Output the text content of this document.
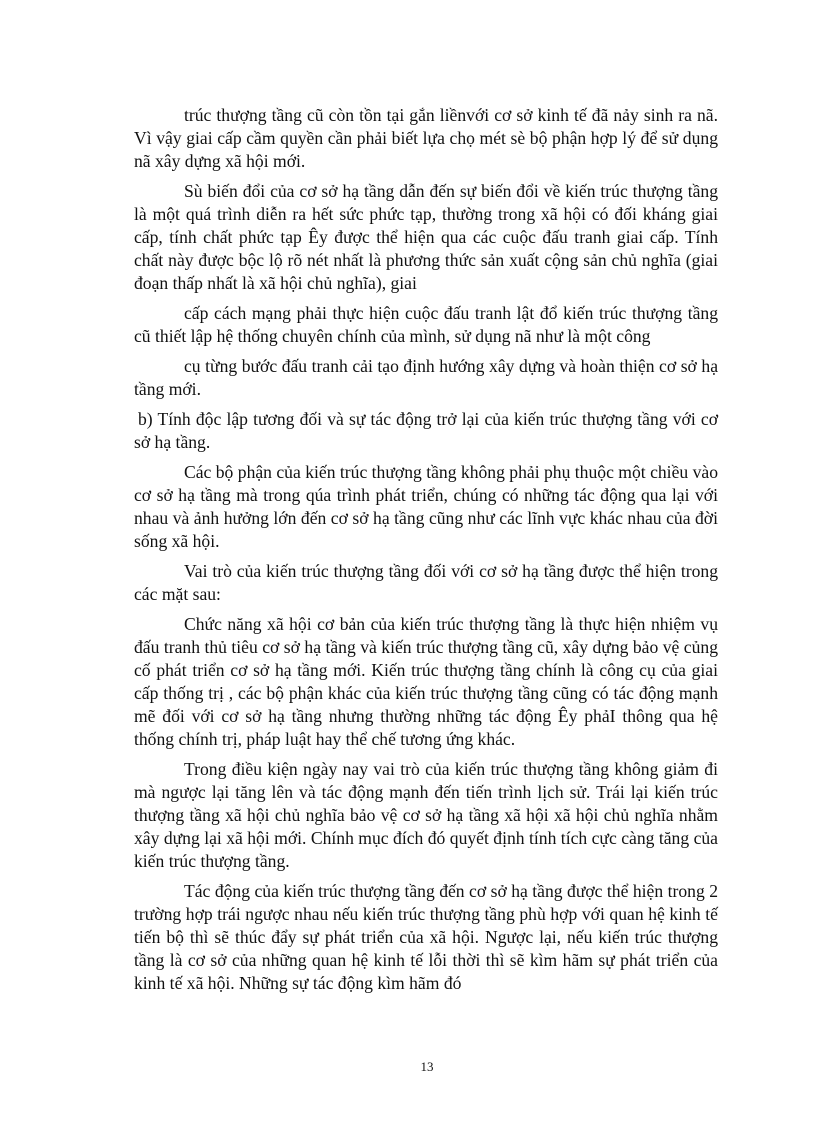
trúc thượng tầng cũ còn tồn tại gắn liềnvới cơ sở kinh tế đã nảy sinh ra nã. Vì vậy giai cấp cầm quyền cần phải biết lựa chọ mét sè bộ phận hợp lý để sử dụng nã xây dựng xã hội mới.

Sù biến đổi của cơ sở hạ tầng dẫn đến sự biến đổi về kiến trúc thượng tầng là một quá trình diễn ra hết sức phức tạp, thường trong xã hội có đối kháng giai cấp, tính chất phức tạp Êy được thể hiện qua các cuộc đấu tranh giai cấp. Tính chất này được bộc lộ rõ nét nhất là phương thức sản xuất cộng sản chủ nghĩa (giai đoạn thấp nhất là xã hội chủ nghĩa), giai

cấp cách mạng phải thực hiện cuộc đấu tranh lật đổ kiến trúc thượng tầng cũ thiết lập hệ thống chuyên chính của mình, sử dụng nã như là một công

cụ từng bước đấu tranh cải tạo định hướng xây dựng và hoàn thiện cơ sở hạ tầng mới.

b) Tính độc lập tương đối và sự tác động trở lại của kiến trúc thượng tầng với cơ sở hạ tầng.

Các bộ phận của kiến trúc thượng tầng không phải phụ thuộc một chiều vào cơ sở hạ tầng mà trong qúa trình phát triển, chúng có những tác động qua lại với nhau và ảnh hưởng lớn đến cơ sở hạ tầng cũng như các lĩnh vực khác nhau của đời sống xã hội.

Vai trò của kiến trúc thượng tầng đối với cơ sở hạ tầng được thể hiện trong các mặt sau:

Chức năng xã hội cơ bản của kiến trúc thượng tầng là thực hiện nhiệm vụ đấu tranh thủ tiêu cơ sở hạ tầng và kiến trúc thượng tầng cũ, xây dựng bảo vệ củng cố phát triển cơ sở hạ tầng mới. Kiến trúc thượng tầng chính là công cụ của giai cấp thống trị , các bộ phận khác của kiến trúc thượng tầng cũng có tác động mạnh mẽ đối với cơ sở hạ tầng nhưng thường những tác động Êy phảI thông qua hệ thống chính trị, pháp luật hay thể chế tương ứng khác.

Trong điều kiện ngày nay vai trò của kiến trúc thượng tầng không giảm đi mà ngược lại tăng lên và tác động mạnh đến tiến trình lịch sử. Trái lại kiến trúc thượng tầng xã hội chủ nghĩa bảo vệ cơ sở hạ tầng xã hội xã hội chủ nghĩa nhằm xây dựng lại xã hội mới. Chính mục đích đó quyết định tính tích cực càng tăng của kiến trúc thượng tầng.

Tác động của kiến trúc thượng tầng đến cơ sở hạ tầng được thể hiện trong 2 trường hợp trái ngược nhau nếu kiến trúc thượng tầng phù hợp với quan hệ kinh tế tiến bộ thì sẽ thúc đẩy sự phát triển của xã hội. Ngược lại, nếu kiến trúc thượng tầng là cơ sở của những quan hệ kinh tế lỗi thời thì sẽ kìm hãm sự phát triển của kinh tế xã hội. Những sự tác động kìm hãm đó

13
